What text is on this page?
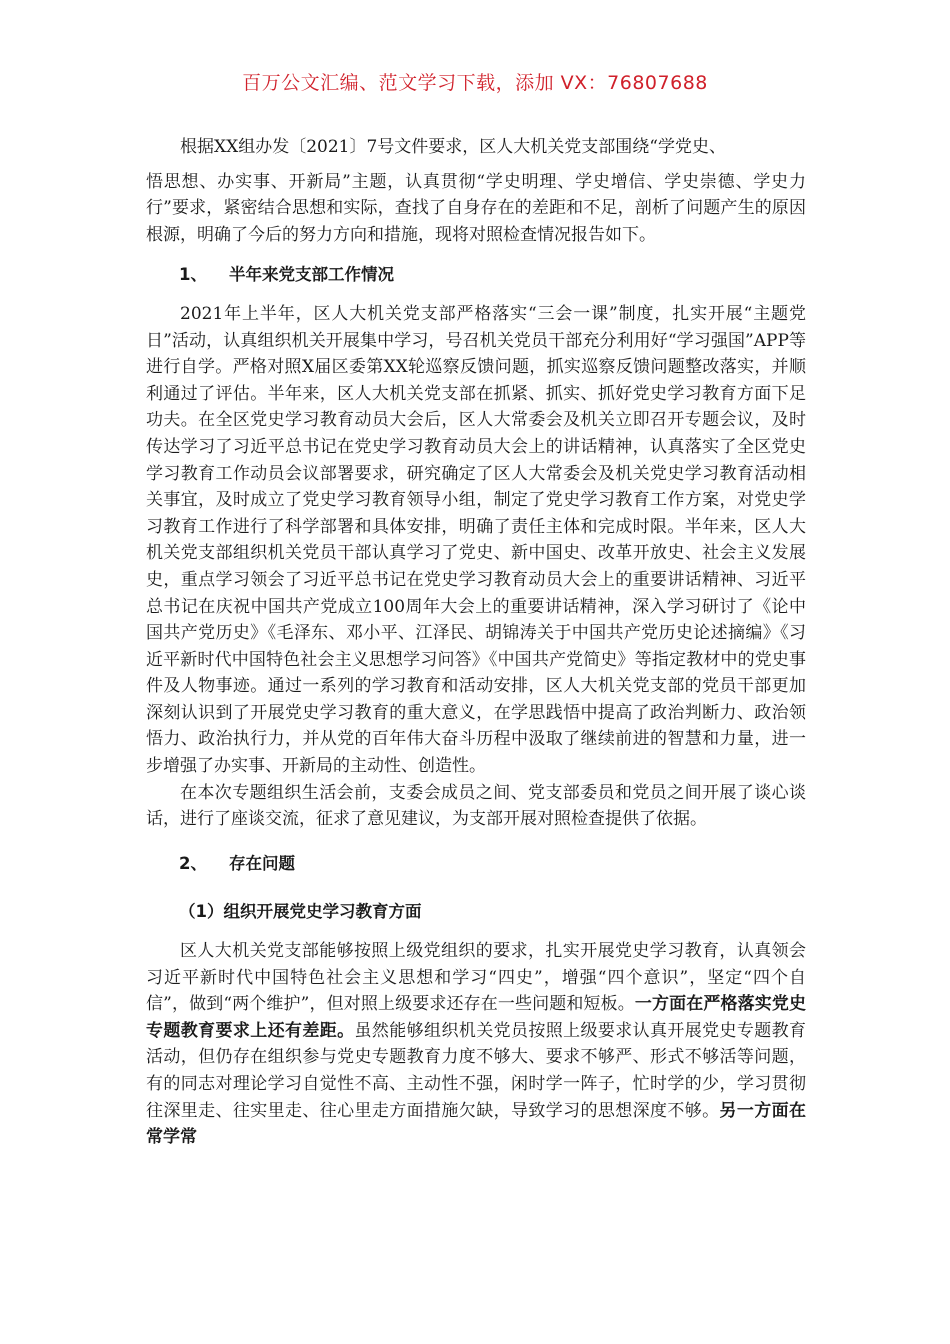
百万公文汇编、范文学习下载，添加 VX：76807688

根据XX组办发〔2021〕7号文件要求，区人大机关党支部围绕“学党史、
悟思想、办实事、开新局”主题，认真贯彻“学史明理、学史增信、学史崇德、学史力行”要求，紧密结合思想和实际，查找了自身存在的差距和不足，剖析了问题产生的原因根源，明确了今后的努力方向和措施，现将对照检查情况报告如下。

1、 半年来党支部工作情况

2021年上半年，区人大机关党支部严格落实“三会一课”制度，扎实开展“主题党日”活动，认真组织机关开展集中学习，号召机关党员干部充分利用好“学习强国”APP等进行自学。严格对照X届区委第XX轮巡察反馈问题，抓实巡察反馈问题整改落实，并顺利通过了评估。半年来，区人大机关党支部在抓紧、抓实、抓好党史学习教育方面下足功夫。在全区党史学习教育动员大会后，区人大常委会及机关立即召开专题会议，及时传达学习了习近平总书记在党史学习教育动员大会上的讲话精神，认真落实了全区党史学习教育工作动员会议部署要求，研究确定了区人大常委会及机关党史学习教育活动相关事宜，及时成立了党史学习教育领导小组，制定了党史学习教育工作方案，对党史学习教育工作进行了科学部署和具体安排，明确了责任主体和完成时限。半年来，区人大机关党支部组织机关党员干部认真学习了党史、新中国史、改革开放史、社会主义发展史，重点学习领会了习近平总书记在党史学习教育动员大会上的重要讲话精神、习近平总书记在庆祝中国共产党成立100周年大会上的重要讲话精神，深入学习研讨了《论中国共产党历史》《毛泽东、邓小平、江泽民、胡锦涛关于中国共产党历史论述摘编》《习近平新时代中国特色社会主义思想学习问答》《中国共产党简史》等指定教材中的党史事件及人物事迹。通过一系列的学习教育和活动安排，区人大机关党支部的党员干部更加深刻认识到了开展党史学习教育的重大意义，在学思践悟中提高了政治判断力、政治领悟力、政治执行力，并从党的百年伟大奋斗历程中汲取了继续前进的智慧和力量，进一步增强了办实事、开新局的主动性、创造性。

在本次专题组织生活会前，支委会成员之间、党支部委员和党员之间开展了谈心谈话，进行了座谈交流，征求了意见建议，为支部开展对照检查提供了依据。

2、 存在问题
（1）组织开展党史学习教育方面

区人大机关党支部能够按照上级党组织的要求，扎实开展党史学习教育，认真领会习近平新时代中国特色社会主义思想和学习“四史”，增强“四个意识”，坚定“四个自信”，做到“两个维护”，但对照上级要求还存在一些问题和短板。一方面在严格落实党史专题教育要求上还有差距。虽然能够组织机关党员按照上级要求认真开展党史专题教育活动，但仍存在组织参与党史专题教育力度不够大、要求不够严、形式不够活等问题，有的同志对理论学习自觉性不高、主动性不强，闲时学一阵子，忙时学的少，学习贯彻往深里走、往实里走、往心里走方面措施欠缺，导致学习的思想深度不够。另一方面在常学常
